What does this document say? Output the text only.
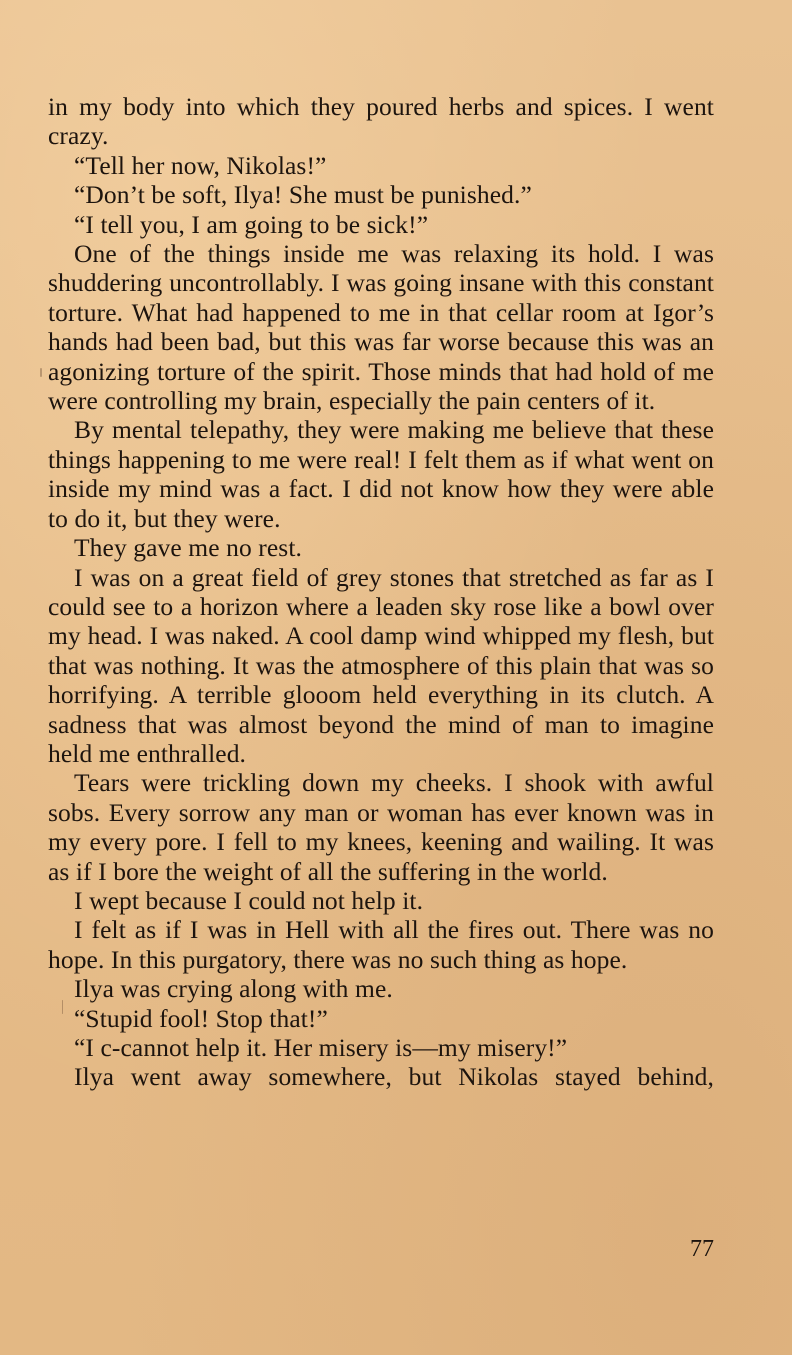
in my body into which they poured herbs and spices. I went crazy.

“Tell her now, Nikolas!”

“Don’t be soft, Ilya! She must be punished.”

“I tell you, I am going to be sick!”

One of the things inside me was relaxing its hold. I was shuddering uncontrollably. I was going insane with this constant torture. What had happened to me in that cellar room at Igor’s hands had been bad, but this was far worse because this was an agonizing torture of the spirit. Those minds that had hold of me were controlling my brain, especially the pain centers of it.

By mental telepathy, they were making me believe that these things happening to me were real! I felt them as if what went on inside my mind was a fact. I did not know how they were able to do it, but they were.

They gave me no rest.

I was on a great field of grey stones that stretched as far as I could see to a horizon where a leaden sky rose like a bowl over my head. I was naked. A cool damp wind whipped my flesh, but that was nothing. It was the atmosphere of this plain that was so horrifying. A terrible glooom held everything in its clutch. A sadness that was almost beyond the mind of man to imagine held me enthralled.

Tears were trickling down my cheeks. I shook with awful sobs. Every sorrow any man or woman has ever known was in my every pore. I fell to my knees, keening and wailing. It was as if I bore the weight of all the suffering in the world.

I wept because I could not help it.

I felt as if I was in Hell with all the fires out. There was no hope. In this purgatory, there was no such thing as hope.

Ilya was crying along with me.

“Stupid fool! Stop that!”

“I c-cannot help it. Her misery is—my misery!”

Ilya went away somewhere, but Nikolas stayed behind,

77
